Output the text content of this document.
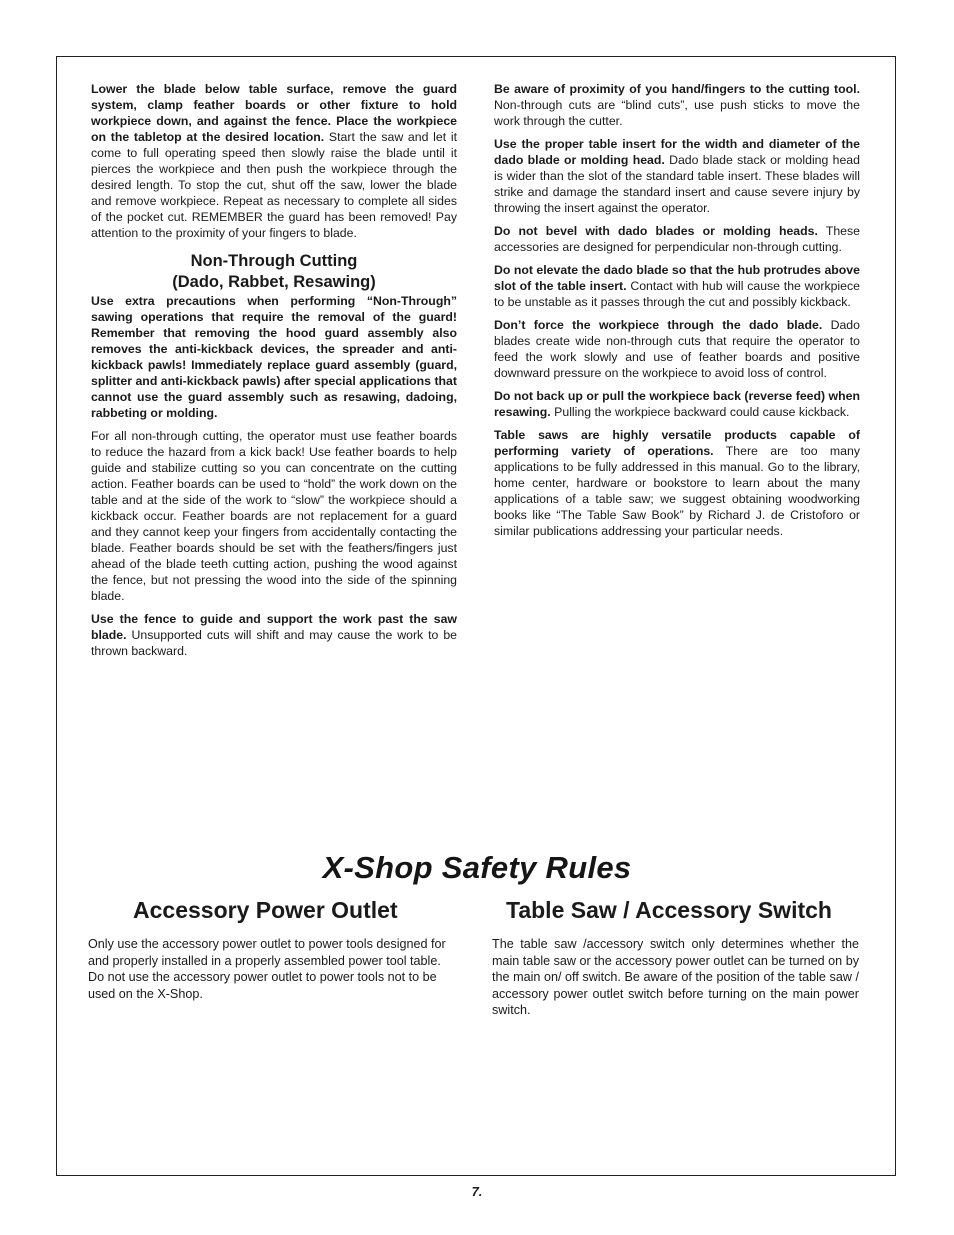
Lower the blade below table surface, remove the guard system, clamp feather boards or other fixture to hold workpiece down, and against the fence. Place the workpiece on the tabletop at the desired location. Start the saw and let it come to full operating speed then slowly raise the blade until it pierces the workpiece and then push the workpiece through the desired length. To stop the cut, shut off the saw, lower the blade and remove workpiece. Repeat as necessary to complete all sides of the pocket cut. REMEMBER the guard has been removed! Pay attention to the proximity of your fingers to blade.

Non-Through Cutting
(Dado, Rabbet, Resawing)

Use extra precautions when performing “Non-Through” sawing operations that require the removal of the guard! Remember that removing the hood guard assembly also removes the anti-kickback devices, the spreader and anti-kickback pawls! Immediately replace guard assembly (guard, splitter and anti-kickback pawls) after special applications that cannot use the guard assembly such as resawing, dadoing, rabbeting or molding.

For all non-through cutting, the operator must use feather boards to reduce the hazard from a kick back! Use feather boards to help guide and stabilize cutting so you can concentrate on the cutting action. Feather boards can be used to “hold” the work down on the table and at the side of the work to “slow” the workpiece should a kickback occur. Feather boards are not replacement for a guard and they cannot keep your fingers from accidentally contacting the blade. Feather boards should be set with the feathers/fingers just ahead of the blade teeth cutting action, pushing the wood against the fence, but not pressing the wood into the side of the spinning blade.

Use the fence to guide and support the work past the saw blade. Unsupported cuts will shift and may cause the work to be thrown backward.

Be aware of proximity of you hand/fingers to the cutting tool. Non-through cuts are “blind cuts”, use push sticks to move the work through the cutter.

Use the proper table insert for the width and diameter of the dado blade or molding head. Dado blade stack or molding head is wider than the slot of the standard table insert. These blades will strike and damage the standard insert and cause severe injury by throwing the insert against the operator.

Do not bevel with dado blades or molding heads. These accessories are designed for perpendicular non-through cutting.

Do not elevate the dado blade so that the hub protrudes above slot of the table insert. Contact with hub will cause the workpiece to be unstable as it passes through the cut and possibly kickback.

Don’t force the workpiece through the dado blade. Dado blades create wide non-through cuts that require the operator to feed the work slowly and use of feather boards and positive downward pressure on the workpiece to avoid loss of control.

Do not back up or pull the workpiece back (reverse feed) when resawing. Pulling the workpiece backward could cause kickback.

Table saws are highly versatile products capable of performing variety of operations. There are too many applications to be fully addressed in this manual. Go to the library, home center, hardware or bookstore to learn about the many applications of a table saw; we suggest obtaining woodworking books like “The Table Saw Book” by Richard J. de Cristoforo or similar publications addressing your particular needs.

X-Shop Safety Rules
Accessory Power Outlet	Table Saw / Accessory Switch

Only use the accessory power outlet to power tools designed for and properly installed in a properly assembled power tool table.

Do not use the accessory power outlet to power tools not to be used on the X-Shop.

The table saw /accessory switch only determines whether the main table saw or the accessory power outlet can be turned on by the main on/ off switch. Be aware of the position of the table saw / accessory power outlet switch before turning on the main power switch.

7.
